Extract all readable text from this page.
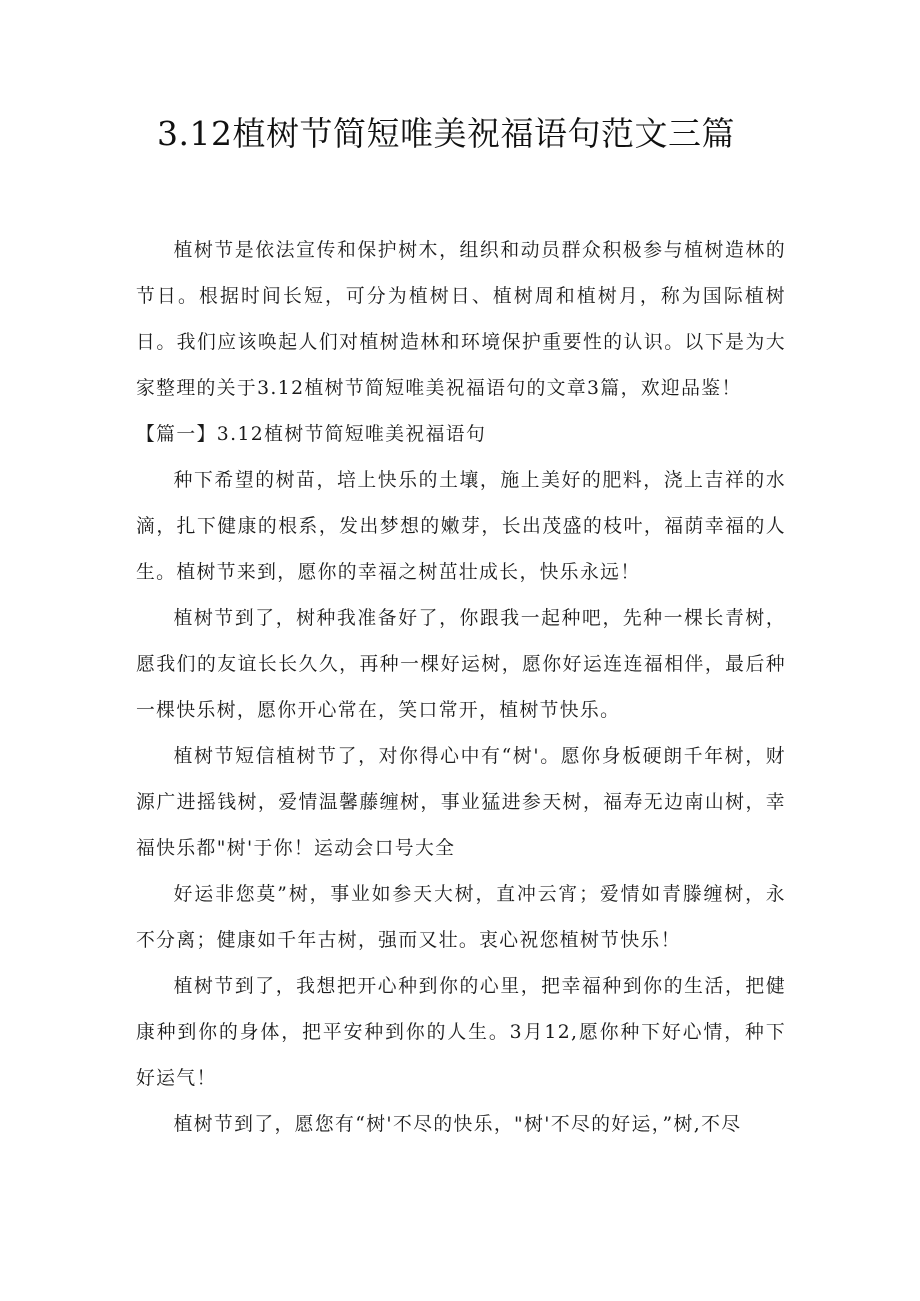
3.12植树节简短唯美祝福语句范文三篇

植树节是依法宣传和保护树木，组织和动员群众积极参与植树造林的节日。根据时间长短，可分为植树日、植树周和植树月，称为国际植树日。我们应该唤起人们对植树造林和环境保护重要性的认识。以下是为大家整理的关于3.12植树节简短唯美祝福语句的文章3篇，欢迎品鉴！

【篇一】3.12植树节简短唯美祝福语句

种下希望的树苗，培上快乐的土壤，施上美好的肥料，浇上吉祥的水滴，扎下健康的根系，发出梦想的嫩芽，长出茂盛的枝叶，福荫幸福的人生。植树节来到，愿你的幸福之树茁壮成长，快乐永远！

植树节到了，树种我准备好了，你跟我一起种吧，先种一棵长青树，愿我们的友谊长长久久，再种一棵好运树，愿你好运连连福相伴，最后种一棵快乐树，愿你开心常在，笑口常开，植树节快乐。

植树节短信植树节了，对你得心中有“树'。愿你身板硬朗千年树，财源广进摇钱树，爱情温馨藤缠树，事业猛进参天树，福寿无边南山树，幸福快乐都"树'于你！运动会口号大全

好运非您莫”树，事业如参天大树，直冲云宵；爱情如青滕缠树，永不分离；健康如千年古树，强而又壮。衷心祝您植树节快乐！

植树节到了，我想把开心种到你的心里，把幸福种到你的生活，把健康种到你的身体，把平安种到你的人生。3月12,愿你种下好心情，种下好运气！

植树节到了，愿您有“树'不尽的快乐，"树'不尽的好运，”树,不尽
